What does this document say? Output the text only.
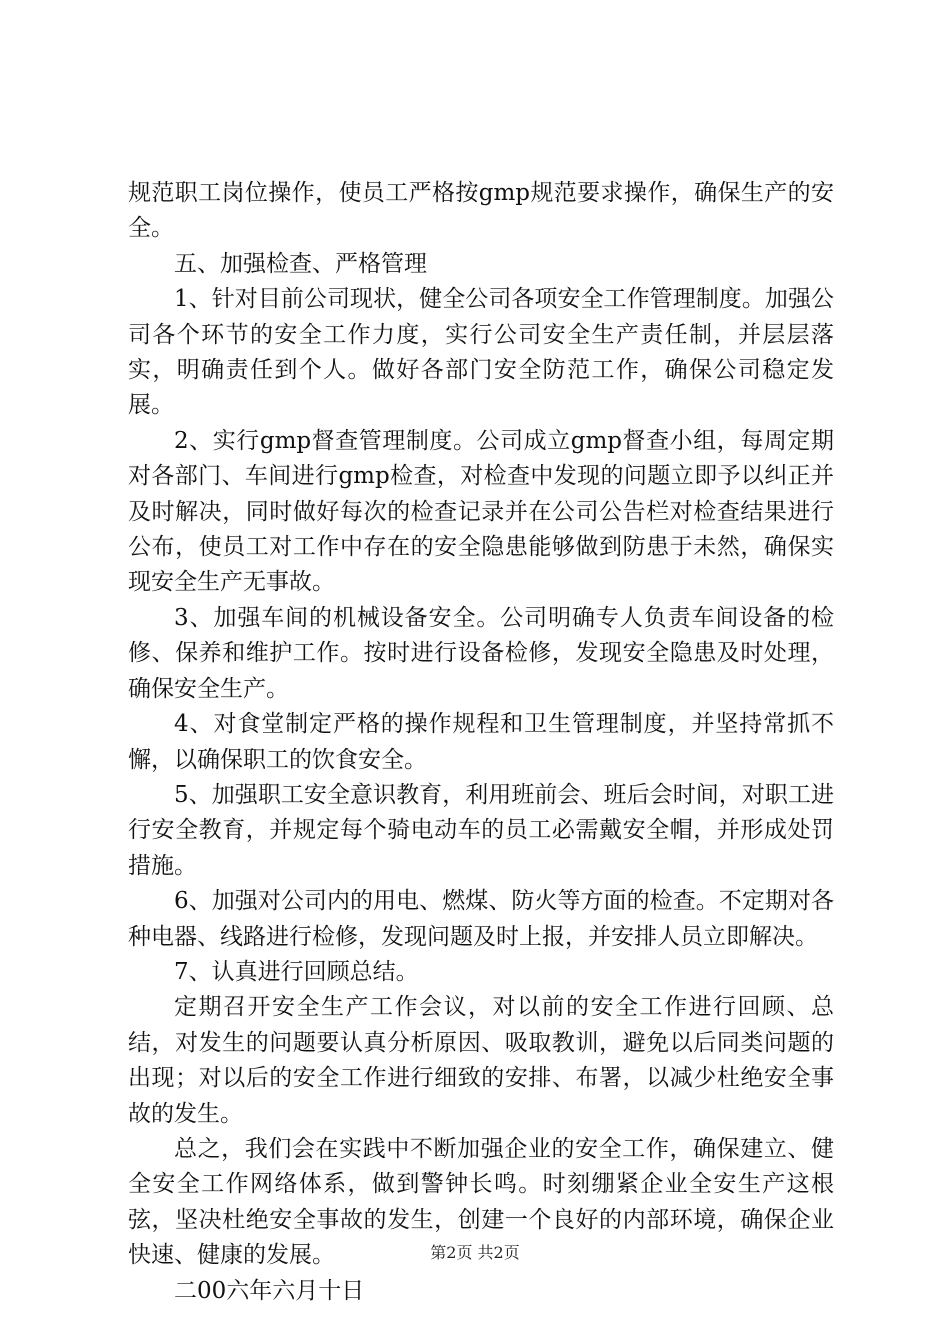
规范职工岗位操作，使员工严格按gmp规范要求操作，确保生产的安全。

五、加强检查、严格管理

1、针对目前公司现状，健全公司各项安全工作管理制度。加强公司各个环节的安全工作力度，实行公司安全生产责任制，并层层落实，明确责任到个人。做好各部门安全防范工作，确保公司稳定发展。

2、实行gmp督查管理制度。公司成立gmp督查小组，每周定期对各部门、车间进行gmp检查，对检查中发现的问题立即予以纠正并及时解决，同时做好每次的检查记录并在公司公告栏对检查结果进行公布，使员工对工作中存在的安全隐患能够做到防患于未然，确保实现安全生产无事故。

3、加强车间的机械设备安全。公司明确专人负责车间设备的检修、保养和维护工作。按时进行设备检修，发现安全隐患及时处理，确保安全生产。

4、对食堂制定严格的操作规程和卫生管理制度，并坚持常抓不懈，以确保职工的饮食安全。

5、加强职工安全意识教育，利用班前会、班后会时间，对职工进行安全教育，并规定每个骑电动车的员工必需戴安全帽，并形成处罚措施。

6、加强对公司内的用电、燃煤、防火等方面的检查。不定期对各种电器、线路进行检修，发现问题及时上报，并安排人员立即解决。

7、认真进行回顾总结。

定期召开安全生产工作会议，对以前的安全工作进行回顾、总结，对发生的问题要认真分析原因、吸取教训，避免以后同类问题的出现；对以后的安全工作进行细致的安排、布署，以减少杜绝安全事故的发生。

总之，我们会在实践中不断加强企业的安全工作，确保建立、健全安全工作网络体系，做到警钟长鸣。时刻绷紧企业全安生产这根弦，坚决杜绝安全事故的发生，创建一个良好的内部环境，确保企业快速、健康的发展。

二00六年六月十日

第2页 共2页
